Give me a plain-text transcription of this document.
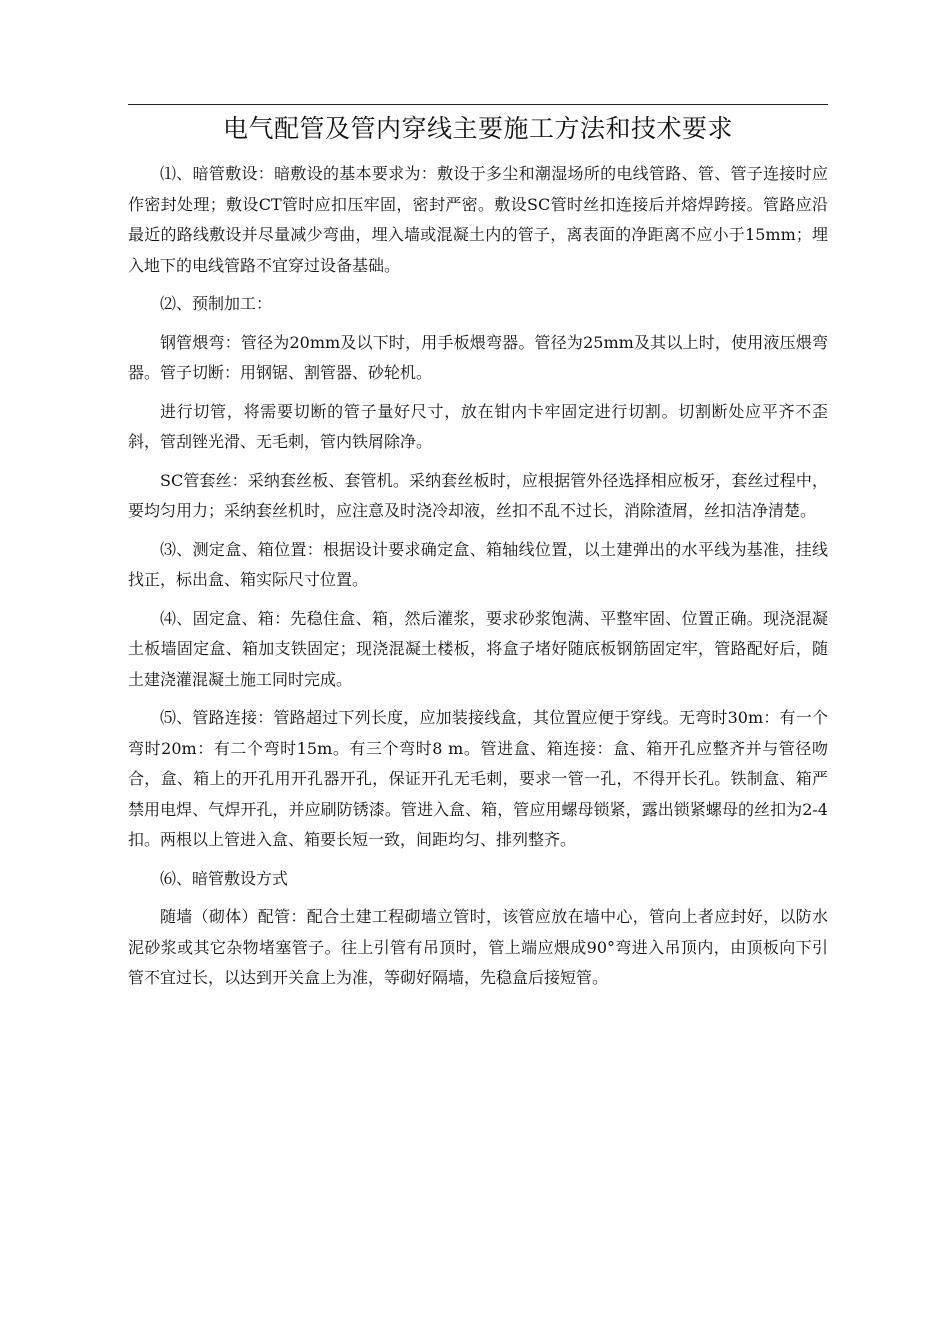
电气配管及管内穿线主要施工方法和技术要求

⑴、暗管敷设：暗敷设的基本要求为：敷设于多尘和潮湿场所的电线管路、管、管子连接时应作密封处理；敷设CT管时应扣压牢固，密封严密。敷设SC管时丝扣连接后并熔焊跨接。管路应沿最近的路线敷设并尽量减少弯曲，埋入墙或混凝土内的管子，离表面的净距离不应小于15mm；埋入地下的电线管路不宜穿过设备基础。

⑵、预制加工：

钢管煨弯：管径为20mm及以下时，用手板煨弯器。管径为25mm及其以上时，使用液压煨弯器。管子切断：用钢锯、割管器、砂轮机。

进行切管，将需要切断的管子量好尺寸，放在钳内卡牢固定进行切割。切割断处应平齐不歪斜，管刮锉光滑、无毛刺，管内铁屑除净。

SC管套丝：采纳套丝板、套管机。采纳套丝板时，应根据管外径选择相应板牙，套丝过程中，要均匀用力；采纳套丝机时，应注意及时浇冷却液，丝扣不乱不过长，消除渣屑，丝扣洁净清楚。

⑶、测定盒、箱位置：根据设计要求确定盒、箱轴线位置，以土建弹出的水平线为基准，挂线找正，标出盒、箱实际尺寸位置。

⑷、固定盒、箱：先稳住盒、箱，然后灌浆，要求砂浆饱满、平整牢固、位置正确。现浇混凝土板墙固定盒、箱加支铁固定；现浇混凝土楼板，将盒子堵好随底板钢筋固定牢，管路配好后，随土建浇灌混凝土施工同时完成。

⑸、管路连接：管路超过下列长度，应加装接线盒，其位置应便于穿线。无弯时30m：有一个弯时20m：有二个弯时15m。有三个弯时8 m。管进盒、箱连接：盒、箱开孔应整齐并与管径吻合，盒、箱上的开孔用开孔器开孔，保证开孔无毛刺，要求一管一孔，不得开长孔。铁制盒、箱严禁用电焊、气焊开孔，并应刷防锈漆。管进入盒、箱，管应用螺母锁紧，露出锁紧螺母的丝扣为2-4扣。两根以上管进入盒、箱要长短一致，间距均匀、排列整齐。

⑹、暗管敷设方式

随墙（砌体）配管：配合土建工程砌墙立管时，该管应放在墙中心，管向上者应封好，以防水泥砂浆或其它杂物堵塞管子。往上引管有吊顶时，管上端应煨成90°弯进入吊顶内，由顶板向下引管不宜过长，以达到开关盒上为准，等砌好隔墙，先稳盒后接短管。
